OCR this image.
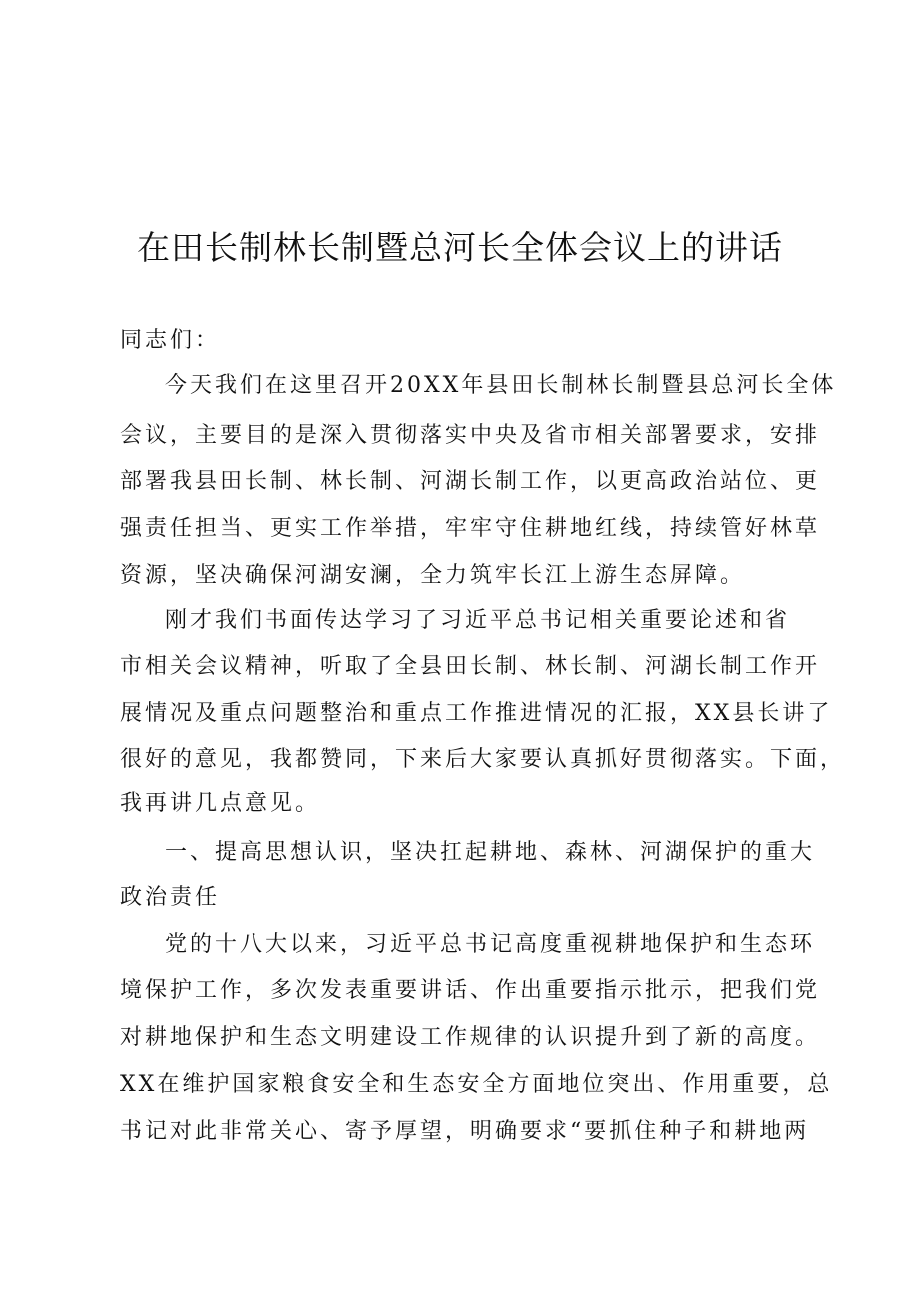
在田长制林长制暨总河长全体会议上的讲话

同志们：

今天我们在这里召开20XX年县田长制林长制暨县总河长全体

会议，主要目的是深入贯彻落实中央及省市相关部署要求，安排

部署我县田长制、林长制、河湖长制工作，以更高政治站位、更

强责任担当、更实工作举措，牢牢守住耕地红线，持续管好林草

资源，坚决确保河湖安澜，全力筑牢长江上游生态屏障。

刚才我们书面传达学习了习近平总书记相关重要论述和省

市相关会议精神，听取了全县田长制、林长制、河湖长制工作开

展情况及重点问题整治和重点工作推进情况的汇报，XX县长讲了

很好的意见，我都赞同，下来后大家要认真抓好贯彻落实。下面，

我再讲几点意见。

一、提高思想认识，坚决扛起耕地、森林、河湖保护的重大

政治责任

党的十八大以来，习近平总书记高度重视耕地保护和生态环

境保护工作，多次发表重要讲话、作出重要指示批示，把我们党

对耕地保护和生态文明建设工作规律的认识提升到了新的高度。

XX在维护国家粮食安全和生态安全方面地位突出、作用重要，总

书记对此非常关心、寄予厚望，明确要求“要抓住种子和耕地两
